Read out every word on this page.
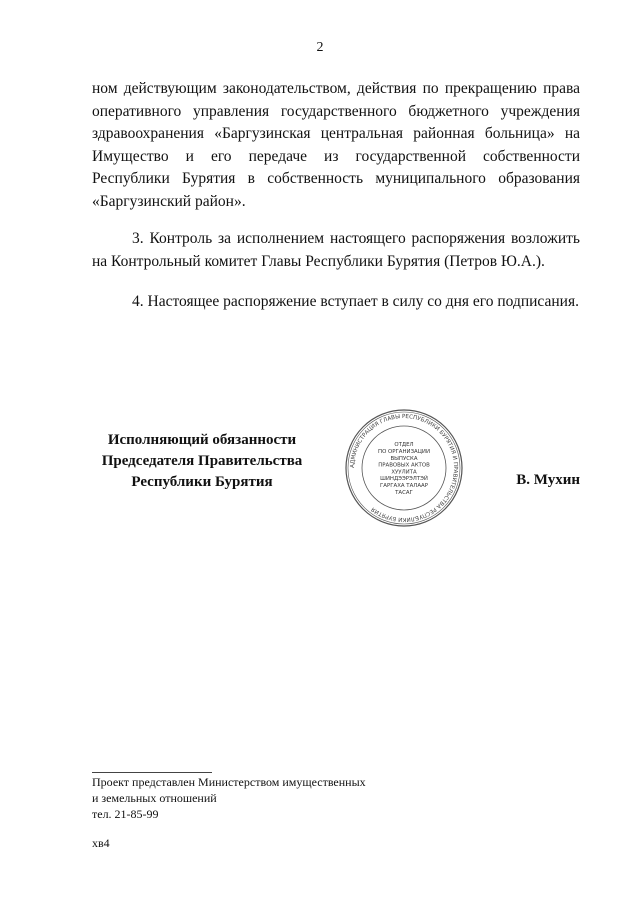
2

ном действующим законодательством, действия по прекращению права оперативного управления государственного бюджетного учреждения здравоохранения «Баргузинская центральная районная больница» на Имущество и его передаче из государственной собственности Республики Бурятия в собственность муниципального образования «Баргузинский район».

3. Контроль за исполнением настоящего распоряжения возложить на Контрольный комитет Главы Республики Бурятия (Петров Ю.А.).

4. Настоящее распоряжение вступает в силу со дня его подписания.

Исполняющий обязанности
Председателя Правительства
Республики Бурятия
АДМИНИСТРАЦИЯ ГЛАВЫ РЕСПУБЛИКИ БУРЯТИЯ И ПРАВИТЕЛЬСТВА РЕСПУБЛИКИ БУРЯТИЯ
ОТДЕЛ
ПО ОРГАНИЗАЦИИ
ВЫПУСКА
ПРАВОВЫХ АКТОВ
ХУУЛИТА
ШИНДЭЭРЭЛТЭЙ
ГАРГАХА ТАЛААР
ТАСАГ
В. Мухин
Проект представлен Министерством имущественных
и земельных отношений
тел. 21-85-99
хв4
